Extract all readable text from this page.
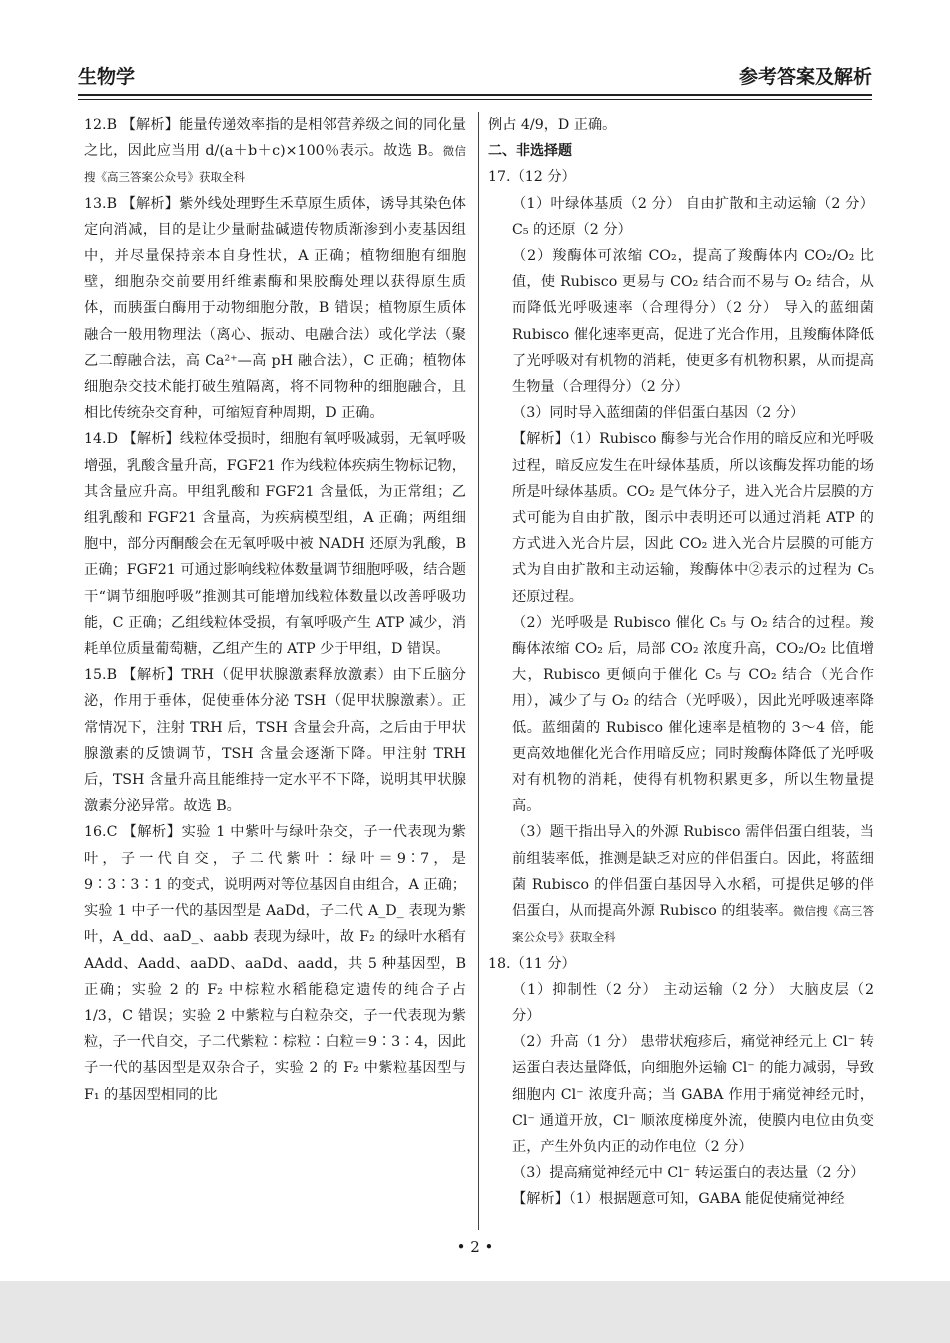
生物学	参考答案及解析

12.B 【解析】能量传递效率指的是相邻营养级之间的同化量之比，因此应当用 d/(a＋b＋c)×100％表示。故选 B。微信搜《高三答案公众号》获取全科

13.B 【解析】紫外线处理野生禾草原生质体，诱导其染色体定向消减，目的是让少量耐盐碱遗传物质渐渗到小麦基因组中，并尽量保持亲本自身性状，A 正确；植物细胞有细胞壁，细胞杂交前要用纤维素酶和果胶酶处理以获得原生质体，而胰蛋白酶用于动物细胞分散，B 错误；植物原生质体融合一般用物理法（离心、振动、电融合法）或化学法（聚乙二醇融合法，高 Ca²⁺—高 pH 融合法），C 正确；植物体细胞杂交技术能打破生殖隔离，将不同物种的细胞融合，且相比传统杂交育种，可缩短育种周期，D 正确。

14.D 【解析】线粒体受损时，细胞有氧呼吸减弱，无氧呼吸增强，乳酸含量升高，FGF21 作为线粒体疾病生物标记物，其含量应升高。甲组乳酸和 FGF21 含量低，为正常组；乙组乳酸和 FGF21 含量高，为疾病模型组，A 正确；两组细胞中，部分丙酮酸会在无氧呼吸中被 NADH 还原为乳酸，B 正确；FGF21 可通过影响线粒体数量调节细胞呼吸，结合题干“调节细胞呼吸”推测其可能增加线粒体数量以改善呼吸功能，C 正确；乙组线粒体受损，有氧呼吸产生 ATP 减少，消耗单位质量葡萄糖，乙组产生的 ATP 少于甲组，D 错误。

15.B 【解析】TRH（促甲状腺激素释放激素）由下丘脑分泌，作用于垂体，促使垂体分泌 TSH（促甲状腺激素）。正常情况下，注射 TRH 后，TSH 含量会升高，之后由于甲状腺激素的反馈调节，TSH 含量会逐渐下降。甲注射 TRH 后，TSH 含量升高且能维持一定水平不下降，说明其甲状腺激素分泌异常。故选 B。

16.C 【解析】实验 1 中紫叶与绿叶杂交，子一代表现为紫叶，子一代自交，子二代紫叶∶绿叶＝9∶7，是 9∶3∶3∶1 的变式，说明两对等位基因自由组合，A 正确；实验 1 中子一代的基因型是 AaDd，子二代 A_D_ 表现为紫叶，A_dd、aaD_、aabb 表现为绿叶，故 F₂ 的绿叶水稻有 AAdd、Aadd、aaDD、aaDd、aadd，共 5 种基因型，B 正确；实验 2 的 F₂ 中棕粒水稻能稳定遗传的纯合子占 1/3，C 错误；实验 2 中紫粒与白粒杂交，子一代表现为紫粒，子一代自交，子二代紫粒∶棕粒∶白粒＝9∶3∶4，因此子一代的基因型是双杂合子，实验 2 的 F₂ 中紫粒基因型与 F₁ 的基因型相同的比

例占 4/9，D 正确。

二、非选择题

17.（12 分）

（1）叶绿体基质（2 分） 自由扩散和主动运输（2 分） C₅ 的还原（2 分）

（2）羧酶体可浓缩 CO₂，提高了羧酶体内 CO₂/O₂ 比值，使 Rubisco 更易与 CO₂ 结合而不易与 O₂ 结合，从而降低光呼吸速率（合理得分）（2 分） 导入的蓝细菌 Rubisco 催化速率更高，促进了光合作用，且羧酶体降低了光呼吸对有机物的消耗，使更多有机物积累，从而提高生物量（合理得分）（2 分）

（3）同时导入蓝细菌的伴侣蛋白基因（2 分）

【解析】（1）Rubisco 酶参与光合作用的暗反应和光呼吸过程，暗反应发生在叶绿体基质，所以该酶发挥功能的场所是叶绿体基质。CO₂ 是气体分子，进入光合片层膜的方式可能为自由扩散，图示中表明还可以通过消耗 ATP 的方式进入光合片层，因此 CO₂ 进入光合片层膜的可能方式为自由扩散和主动运输，羧酶体中②表示的过程为 C₅ 还原过程。

（2）光呼吸是 Rubisco 催化 C₅ 与 O₂ 结合的过程。羧酶体浓缩 CO₂ 后，局部 CO₂ 浓度升高，CO₂/O₂ 比值增大，Rubisco 更倾向于催化 C₅ 与 CO₂ 结合（光合作用），减少了与 O₂ 的结合（光呼吸），因此光呼吸速率降低。蓝细菌的 Rubisco 催化速率是植物的 3～4 倍，能更高效地催化光合作用暗反应；同时羧酶体降低了光呼吸对有机物的消耗，使得有机物积累更多，所以生物量提高。

（3）题干指出导入的外源 Rubisco 需伴侣蛋白组装，当前组装率低，推测是缺乏对应的伴侣蛋白。因此，将蓝细菌 Rubisco 的伴侣蛋白基因导入水稻，可提供足够的伴侣蛋白，从而提高外源 Rubisco 的组装率。微信搜《高三答案公众号》获取全科

18.（11 分）

（1）抑制性（2 分） 主动运输（2 分） 大脑皮层（2 分）

（2）升高（1 分） 患带状疱疹后，痛觉神经元上 Cl⁻ 转运蛋白表达量降低，向细胞外运输 Cl⁻ 的能力减弱，导致细胞内 Cl⁻ 浓度升高；当 GABA 作用于痛觉神经元时，Cl⁻ 通道开放，Cl⁻ 顺浓度梯度外流，使膜内电位由负变正，产生外负内正的动作电位（2 分）

（3）提高痛觉神经元中 Cl⁻ 转运蛋白的表达量（2 分）

【解析】（1）根据题意可知，GABA 能促使痛觉神经

• 2 •
